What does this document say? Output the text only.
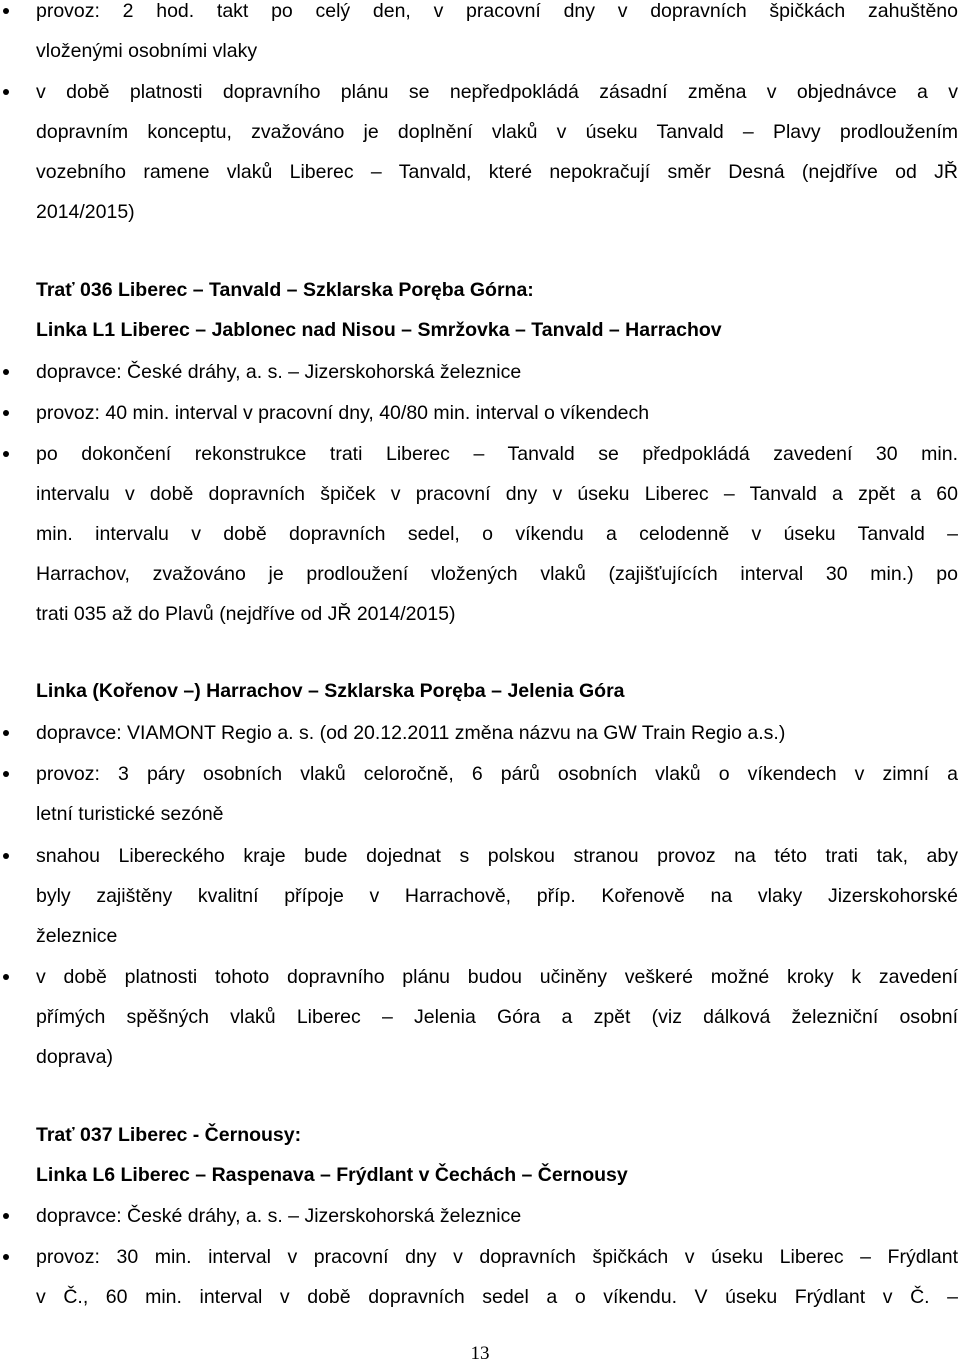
provoz: 2 hod. takt po celý den, v pracovní dny v dopravních špičkách zahuštěno
vloženými osobními vlaky
v době platnosti dopravního plánu se nepředpokládá zásadní změna v objednávce a v
dopravním konceptu, zvažováno je doplnění vlaků v úseku Tanvald – Plavy prodloužením
vozebního ramene vlaků Liberec – Tanvald, které nepokračují směr Desná (nejdříve od JŘ
2014/2015)
Trať 036 Liberec – Tanvald – Szklarska Poręba Górna:
Linka L1 Liberec – Jablonec nad Nisou – Smržovka – Tanvald – Harrachov
dopravce: České dráhy, a. s. – Jizerskohorská železnice
provoz: 40 min. interval v pracovní dny, 40/80 min. interval o víkendech
po dokončení rekonstrukce trati Liberec – Tanvald se předpokládá zavedení 30 min.
intervalu v době dopravních špiček v pracovní dny v úseku Liberec – Tanvald a zpět a 60
min. intervalu v době dopravních sedel, o víkendu a celodenně v úseku Tanvald –
Harrachov, zvažováno je prodloužení vložených vlaků (zajišťujících interval 30 min.) po
trati 035 až do Plavů (nejdříve od JŘ 2014/2015)
Linka (Kořenov –) Harrachov – Szklarska Poręba – Jelenia Góra
dopravce: VIAMONT Regio a. s. (od 20.12.2011 změna názvu na GW Train Regio a.s.)
provoz: 3 páry osobních vlaků celoročně, 6 párů osobních vlaků o víkendech v zimní a
letní turistické sezóně
snahou Libereckého kraje bude dojednat s polskou stranou provoz na této trati tak, aby
byly zajištěny kvalitní přípoje v Harrachově, příp. Kořenově na vlaky Jizerskohorské
železnice
v době platnosti tohoto dopravního plánu budou učiněny veškeré možné kroky k zavedení
přímých spěšných vlaků Liberec – Jelenia Góra a zpět (viz dálková železniční osobní
doprava)
Trať 037 Liberec - Černousy:
Linka L6 Liberec – Raspenava – Frýdlant v Čechách – Černousy
dopravce: České dráhy, a. s. – Jizerskohorská železnice
provoz: 30 min. interval v pracovní dny v dopravních špičkách v úseku Liberec – Frýdlant
v Č., 60 min. interval v době dopravních sedel a o víkendu. V úseku Frýdlant v Č. –
13
